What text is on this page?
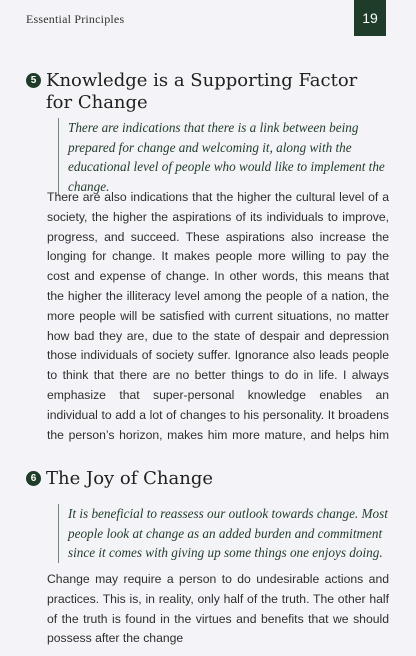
Essential Principles	19
5 Knowledge is a Supporting Factor for Change
There are indications that there is a link between being prepared for change and welcoming it, along with the educational level of people who would like to implement the change.

There are also indications that the higher the cultural level of a society, the higher the aspirations of its individuals to improve, progress, and succeed. These aspirations also increase the longing for change. It makes people more willing to pay the cost and expense of change. In other words, this means that the higher the illiteracy level among the people of a nation, the more people will be satisfied with current situations, no matter how bad they are, due to the state of despair and depression those individuals of society suffer. Ignorance also leads people to think that there are no better things to do in life. I always emphasize that super-personal knowledge enables an individual to add a lot of changes to his personality. It broadens the person’s horizon, makes him more mature, and helps him

6 The Joy of Change
It is beneficial to reassess our outlook towards change. Most people look at change as an added burden and commitment since it comes with giving up some things one enjoys doing.

Change may require a person to do undesirable actions and practices. This is, in reality, only half of the truth. The other half of the truth is found in the virtues and benefits that we should possess after the change
